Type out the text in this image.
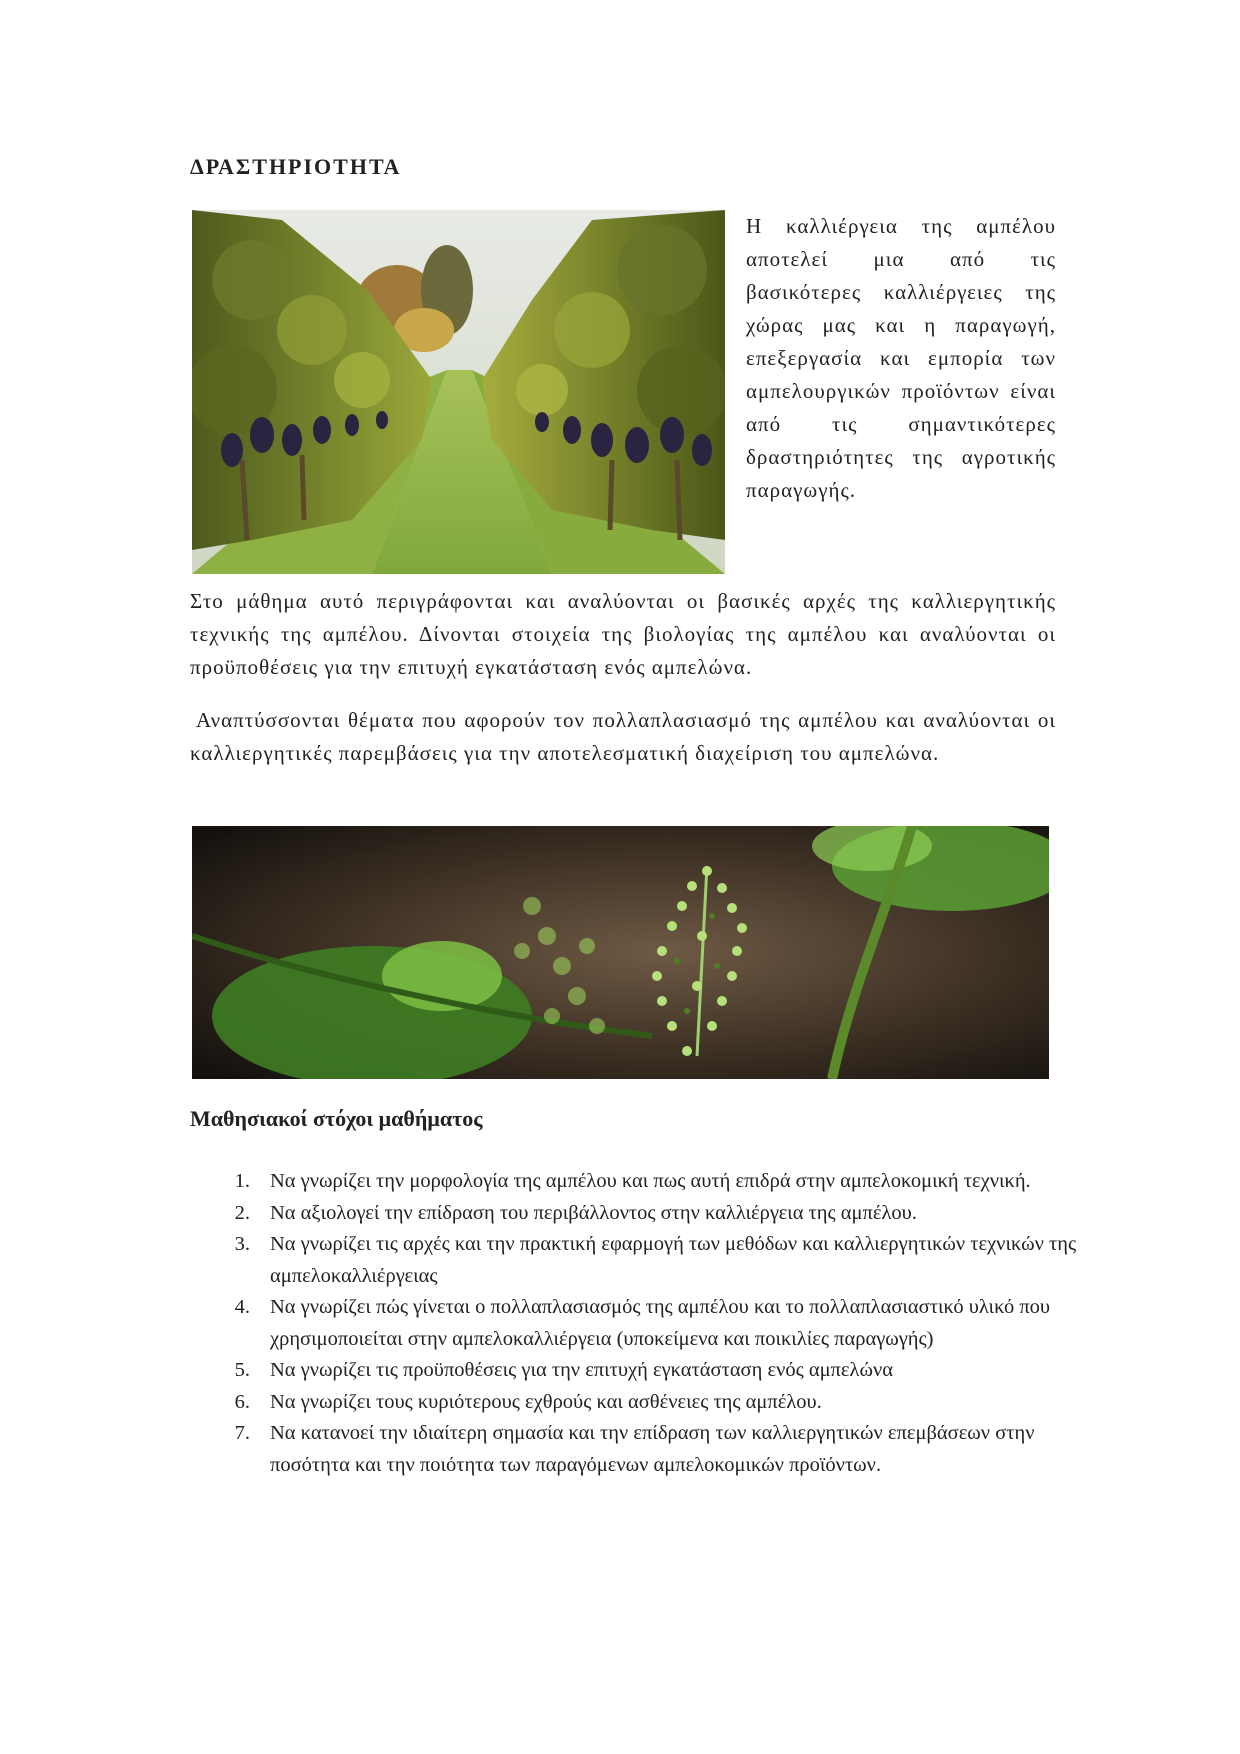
ΔΡΑΣΤΗΡΙΟΤΗΤΑ

Η καλλιέργεια της αμπέλου αποτελεί μια από τις βασικότερες καλλιέργειες της χώρας μας και η παραγωγή, επεξεργασία και εμπορία των αμπελουργικών προϊόντων είναι από τις σημαντικότερες δραστηριότητες της αγροτικής παραγωγής.

Στο μάθημα αυτό περιγράφονται και αναλύονται οι βασικές αρχές της καλλιεργητικής τεχνικής της αμπέλου. Δίνονται στοιχεία της βιολογίας της αμπέλου και αναλύονται οι προϋποθέσεις για την επιτυχή εγκατάσταση ενός αμπελώνα.

Αναπτύσσονται θέματα που αφορούν τον πολλαπλασιασμό της αμπέλου και αναλύονται οι καλλιεργητικές παρεμβάσεις για την αποτελεσματική διαχείριση του αμπελώνα.

Μαθησιακοί στόχοι μαθήματος
1. Να γνωρίζει την μορφολογία της αμπέλου και πως αυτή επιδρά στην αμπελοκομική τεχνική.
2. Να αξιολογεί την επίδραση του περιβάλλοντος στην καλλιέργεια της αμπέλου.
3. Να γνωρίζει τις αρχές και την πρακτική εφαρμογή των μεθόδων και καλλιεργητικών τεχνικών της αμπελοκαλλιέργειας
4. Να γνωρίζει πώς γίνεται ο πολλαπλασιασμός της αμπέλου και το πολλαπλασιαστικό υλικό που χρησιμοποιείται στην αμπελοκαλλιέργεια (υποκείμενα και ποικιλίες παραγωγής)
5. Να γνωρίζει τις προϋποθέσεις για την επιτυχή εγκατάσταση ενός αμπελώνα
6. Να γνωρίζει τους κυριότερους εχθρούς και ασθένειες της αμπέλου.
7. Να κατανοεί την ιδιαίτερη σημασία και την επίδραση των καλλιεργητικών επεμβάσεων στην ποσότητα και την ποιότητα των παραγόμενων αμπελοκομικών προϊόντων.
